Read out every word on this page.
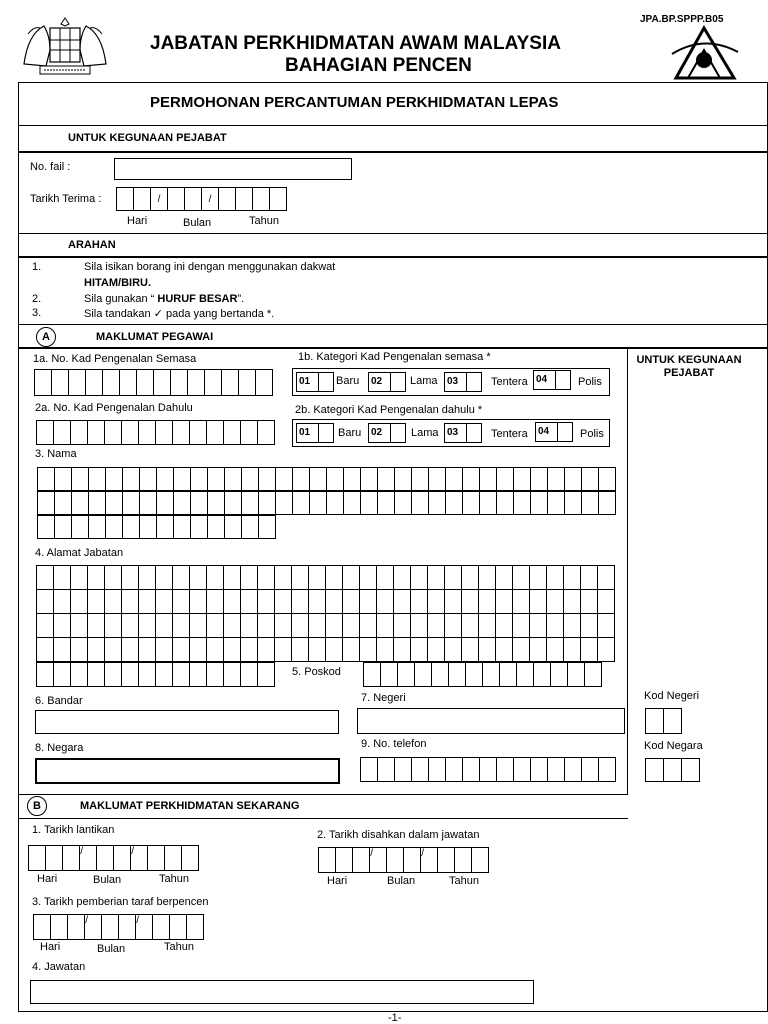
JPA.BP.SPPP.B05
JABATAN PERKHIDMATAN AWAM MALAYSIA
BAHAGIAN PENCEN
PERMOHONAN PERCANTUMAN PERKHIDMATAN LEPAS
UNTUK KEGUNAAN PEJABAT
No. fail :
Tarikh Terima :	/	/
Hari	Bulan	Tahun
ARAHAN
1.	Sila isikan borang ini dengan menggunakan dakwat
HITAM/BIRU.
2.	Sila gunakan “ HURUF BESAR”.
3.	Sila tandakan ✓ pada yang bertanda *.
A	MAKLUMAT PEGAWAI
UNTUK KEGUNAAN PEJABAT
1a. No. Kad Pengenalan Semasa	1b. Kategori Kad Pengenalan semasa *
01	Baru 02	Lama 03	Tentera 04	Polis
2a. No. Kad Pengenalan Dahulu	2b. Kategori Kad Pengenalan dahulu *
01	Baru 02	Lama 03	Tentera 04	Polis
3. Nama
4. Alamat Jabatan
5. Poskod
6. Bandar	7. Negeri	Kod Negeri
8. Negara	9. No. telefon	Kod Negara
B	MAKLUMAT PERKHIDMATAN SEKARANG
1. Tarikh lantikan
/	/
Hari	Bulan	Tahun
2. Tarikh disahkan dalam jawatan
/	/
Hari	Bulan	Tahun
3. Tarikh pemberian taraf berpencen
/	/
Hari	Bulan	Tahun
4. Jawatan
-1-
